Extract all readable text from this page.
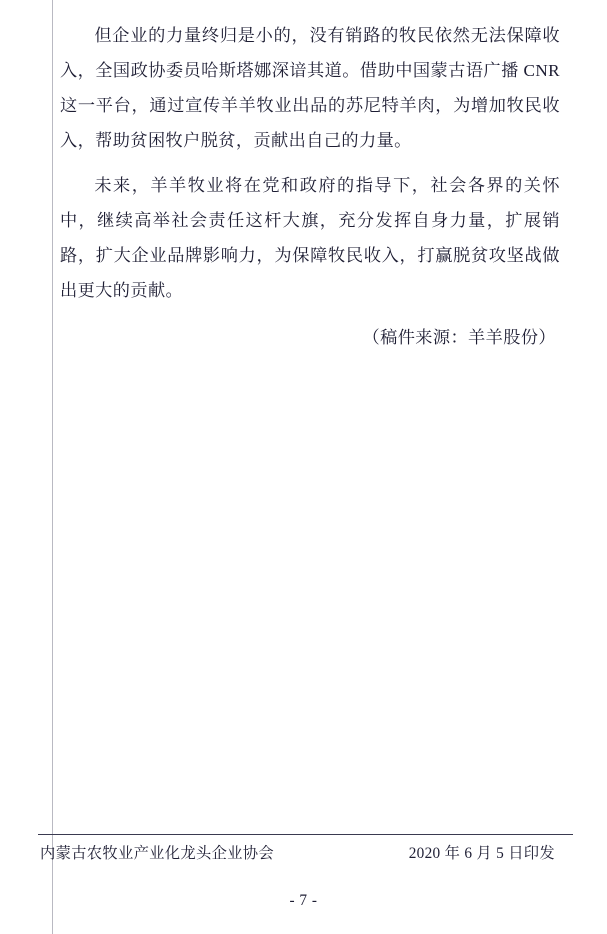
但企业的力量终归是小的，没有销路的牧民依然无法保障收入，全国政协委员哈斯塔娜深谙其道。借助中国蒙古语广播 CNR 这一平台，通过宣传羊羊牧业出品的苏尼特羊肉，为增加牧民收入，帮助贫困牧户脱贫，贡献出自己的力量。

未来，羊羊牧业将在党和政府的指导下，社会各界的关怀中，继续高举社会责任这杆大旗，充分发挥自身力量，扩展销路，扩大企业品牌影响力，为保障牧民收入，打赢脱贫攻坚战做出更大的贡献。

（稿件来源：羊羊股份）
内蒙古农牧业产业化龙头企业协会	2020 年 6 月 5 日印发
- 7 -
